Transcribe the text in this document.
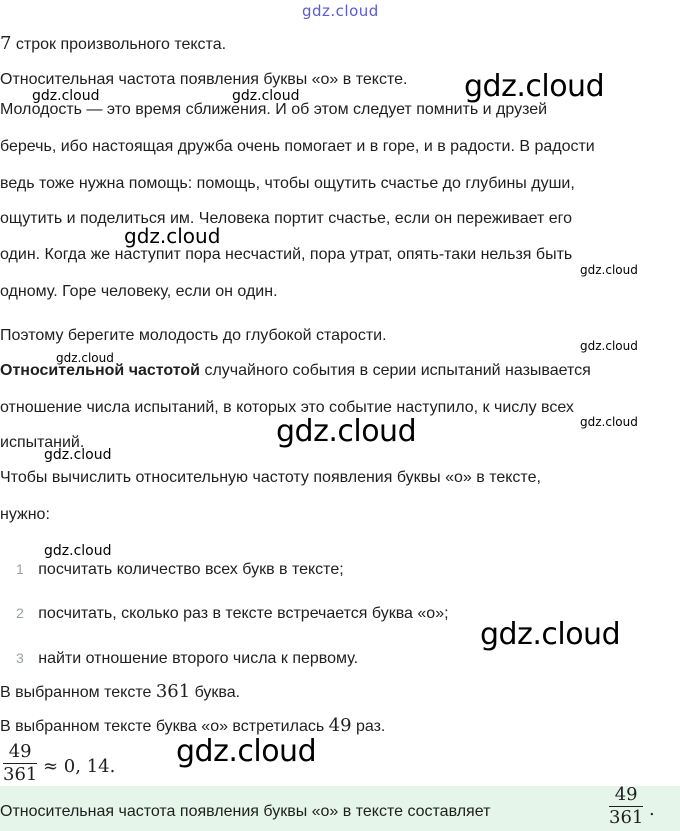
gdz.cloud
7 строк произвольного текста.
Относительная частота появления буквы «о» в тексте.
Молодость — это время сближения. И об этом следует помнить и друзей
беречь, ибо настоящая дружба очень помогает и в горе, и в радости. В радости
ведь тоже нужна помощь: помощь, чтобы ощутить счастье до глубины души,
ощутить и поделиться им. Человека портит счастье, если он переживает его
один. Когда же наступит пора несчастий, пора утрат, опять-таки нельзя быть
одному. Горе человеку, если он один.
Поэтому берегите молодость до глубокой старости.
Относительной частотой случайного события в серии испытаний называется
отношение числа испытаний, в которых это событие наступило, к числу всех
испытаний.
Чтобы вычислить относительную частоту появления буквы «о» в тексте,
нужно:
1 посчитать количество всех букв в тексте;
2 посчитать, сколько раз в тексте встречается буква «о»;
3 найти отношение второго числа к первому.
В выбранном тексте 361 буква.
В выбранном тексте буква «о» встретилась 49 раз.
49
361 ≈ 0, 14.
Относительная частота появления буквы «о» в тексте составляет
49
361 .
gdz.cloud
gdz.cloud	gdz.cloud
gdz.cloud
gdz.cloud
gdz.cloud
gdz.cloud
gdz.cloud	gdz.cloud
gdz.cloud
gdz.cloud
gdz.cloud
gdz.cloud
